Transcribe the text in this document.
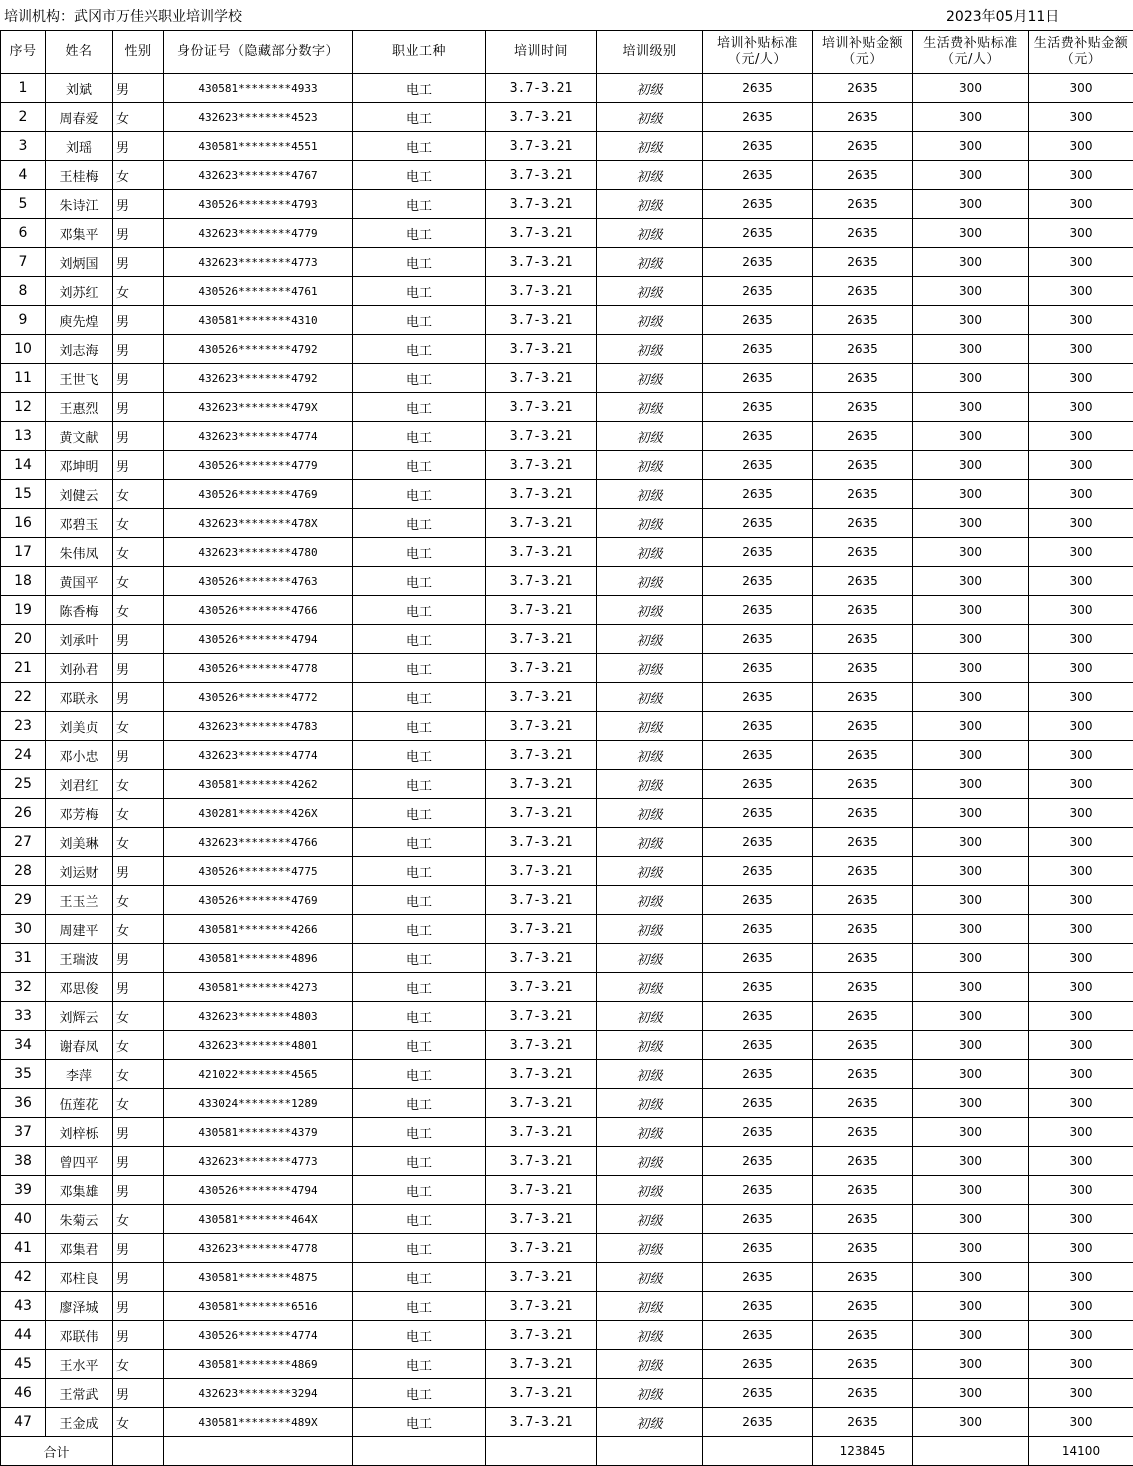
培训机构：武冈市万佳兴职业培训学校	2023年05月11日
序号	姓名	性别	身份证号（隐藏部分数字）	职业工种	培训时间	培训级别	培训补贴标准（元/人）	培训补贴金额（元）	生活费补贴标准 （元/人）	生活费补贴金额（元）
1	刘斌	男	430581********4933	电工	3.7-3.21	初级	2635	2635	300	300
2	周春爱	女	432623********4523	电工	3.7-3.21	初级	2635	2635	300	300
3	刘瑶	男	430581********4551	电工	3.7-3.21	初级	2635	2635	300	300
4	王桂梅	女	432623********4767	电工	3.7-3.21	初级	2635	2635	300	300
5	朱诗江	男	430526********4793	电工	3.7-3.21	初级	2635	2635	300	300
6	邓集平	男	432623********4779	电工	3.7-3.21	初级	2635	2635	300	300
7	刘炳国	男	432623********4773	电工	3.7-3.21	初级	2635	2635	300	300
8	刘苏红	女	430526********4761	电工	3.7-3.21	初级	2635	2635	300	300
9	庾先煌	男	430581********4310	电工	3.7-3.21	初级	2635	2635	300	300
10	刘志海	男	430526********4792	电工	3.7-3.21	初级	2635	2635	300	300
11	王世飞	男	432623********4792	电工	3.7-3.21	初级	2635	2635	300	300
12	王惠烈	男	432623********479X	电工	3.7-3.21	初级	2635	2635	300	300
13	黄文献	男	432623********4774	电工	3.7-3.21	初级	2635	2635	300	300
14	邓坤明	男	430526********4779	电工	3.7-3.21	初级	2635	2635	300	300
15	刘健云	女	430526********4769	电工	3.7-3.21	初级	2635	2635	300	300
16	邓碧玉	女	432623********478X	电工	3.7-3.21	初级	2635	2635	300	300
17	朱伟凤	女	432623********4780	电工	3.7-3.21	初级	2635	2635	300	300
18	黄国平	女	430526********4763	电工	3.7-3.21	初级	2635	2635	300	300
19	陈香梅	女	430526********4766	电工	3.7-3.21	初级	2635	2635	300	300
20	刘承叶	男	430526********4794	电工	3.7-3.21	初级	2635	2635	300	300
21	刘孙君	男	430526********4778	电工	3.7-3.21	初级	2635	2635	300	300
22	邓联永	男	430526********4772	电工	3.7-3.21	初级	2635	2635	300	300
23	刘美贞	女	432623********4783	电工	3.7-3.21	初级	2635	2635	300	300
24	邓小忠	男	432623********4774	电工	3.7-3.21	初级	2635	2635	300	300
25	刘君红	女	430581********4262	电工	3.7-3.21	初级	2635	2635	300	300
26	邓芳梅	女	430281********426X	电工	3.7-3.21	初级	2635	2635	300	300
27	刘美琳	女	432623********4766	电工	3.7-3.21	初级	2635	2635	300	300
28	刘运财	男	430526********4775	电工	3.7-3.21	初级	2635	2635	300	300
29	王玉兰	女	430526********4769	电工	3.7-3.21	初级	2635	2635	300	300
30	周建平	女	430581********4266	电工	3.7-3.21	初级	2635	2635	300	300
31	王瑞波	男	430581********4896	电工	3.7-3.21	初级	2635	2635	300	300
32	邓思俊	男	430581********4273	电工	3.7-3.21	初级	2635	2635	300	300
33	刘辉云	女	432623********4803	电工	3.7-3.21	初级	2635	2635	300	300
34	谢春凤	女	432623********4801	电工	3.7-3.21	初级	2635	2635	300	300
35	李萍	女	421022********4565	电工	3.7-3.21	初级	2635	2635	300	300
36	伍莲花	女	433024********1289	电工	3.7-3.21	初级	2635	2635	300	300
37	刘梓栎	男	430581********4379	电工	3.7-3.21	初级	2635	2635	300	300
38	曾四平	男	432623********4773	电工	3.7-3.21	初级	2635	2635	300	300
39	邓集雄	男	430526********4794	电工	3.7-3.21	初级	2635	2635	300	300
40	朱菊云	女	430581********464X	电工	3.7-3.21	初级	2635	2635	300	300
41	邓集君	男	432623********4778	电工	3.7-3.21	初级	2635	2635	300	300
42	邓柱良	男	430581********4875	电工	3.7-3.21	初级	2635	2635	300	300
43	廖泽城	男	430581********6516	电工	3.7-3.21	初级	2635	2635	300	300
44	邓联伟	男	430526********4774	电工	3.7-3.21	初级	2635	2635	300	300
45	王水平	女	430581********4869	电工	3.7-3.21	初级	2635	2635	300	300
46	王常武	男	432623********3294	电工	3.7-3.21	初级	2635	2635	300	300
47	王金成	女	430581********489X	电工	3.7-3.21	初级	2635	2635	300	300
合计								123845		14100
